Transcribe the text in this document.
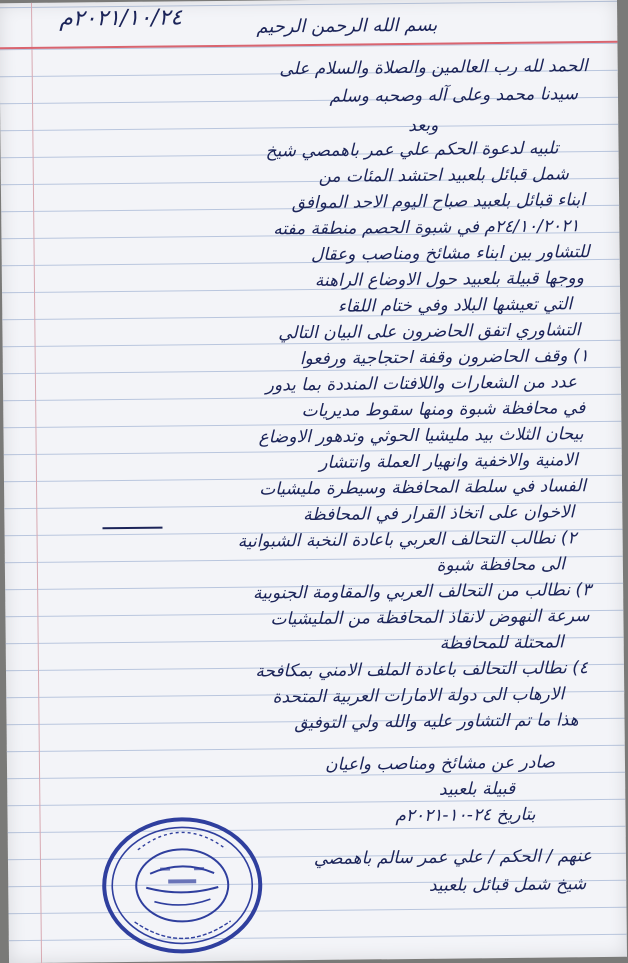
٢٠٢١/١٠/٢٤م	بسم الله الرحمن الرحيم
الحمد لله رب العالمين والصلاة والسلام على
سيدنا محمد وعلى آله وصحبه وسلم
وبعد
تلبيه لدعوة الحكم علي عمر باهمصي شيخ
شمل قبائل بلعبيد احتشد المئات من
ابناء قبائل بلعبيد صباح اليوم الاحد الموافق
٢٤/١٠/٢٠٢١م في شبوة الحصم منطقة مفته
للتشاور بين ابناء مشائخ ومناصب وعقال
ووجها قبيلة بلعبيد حول الاوضاع الراهنة
التي تعيشها البلاد وفي ختام اللقاء
التشاوري اتفق الحاضرون على البيان التالي
١) وقف الحاضرون وقفة احتجاجية ورفعوا
عدد من الشعارات واللافتات المنددة بما يدور
في محافظة شبوة ومنها سقوط مديريات
بيحان الثلاث بيد مليشيا الحوثي وتدهور الاوضاع
الامنية والاخفية وانهيار العملة وانتشار
الفساد في سلطة المحافظة وسيطرة مليشيات
الاخوان على اتخاذ القرار في المحافظة
٢) نطالب التحالف العربي باعادة النخبة الشبوانية
الى محافظة شبوة
٣) نطالب من التحالف العربي والمقاومة الجنوبية
سرعة النهوض لانقاذ المحافظة من المليشيات
المحتلة للمحافظة
٤) نطالب التحالف باعادة الملف الامني بمكافحة
الارهاب الى دولة الامارات العربية المتحدة
هذا ما تم التشاور عليه والله ولي التوفيق
صادر عن مشائخ ومناصب واعيان
قبيلة بلعبيد
بتاريخ ٢٤-١٠-٢٠٢١م
عنهم / الحكم / علي عمر سالم باهمصي
شيخ شمل قبائل بلعبيد
